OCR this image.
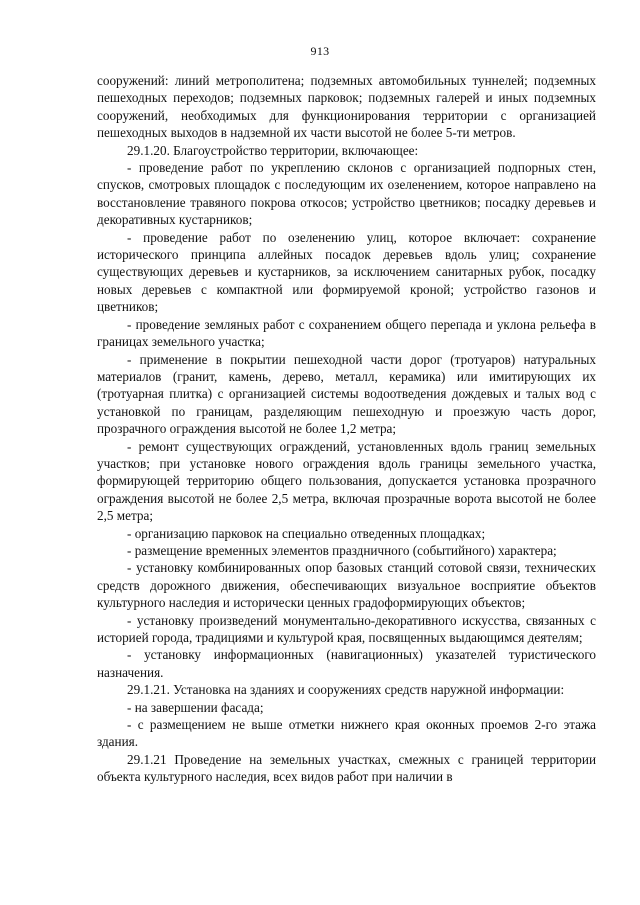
913

сооружений: линий метрополитена; подземных автомобильных туннелей; подземных пешеходных переходов; подземных парковок; подземных галерей и иных подземных сооружений, необходимых для функционирования территории с организацией пешеходных выходов в надземной их части высотой не более 5-ти метров.

29.1.20. Благоустройство территории, включающее:

- проведение работ по укреплению склонов с организацией подпорных стен, спусков, смотровых площадок с последующим их озеленением, которое направлено на восстановление травяного покрова откосов; устройство цветников; посадку деревьев и декоративных кустарников;

- проведение работ по озеленению улиц, которое включает: сохранение исторического принципа аллейных посадок деревьев вдоль улиц; сохранение существующих деревьев и кустарников, за исключением санитарных рубок, посадку новых деревьев с компактной или формируемой кроной; устройство газонов и цветников;

- проведение земляных работ с сохранением общего перепада и уклона рельефа в границах земельного участка;

- применение в покрытии пешеходной части дорог (тротуаров) натуральных материалов (гранит, камень, дерево, металл, керамика) или имитирующих их (тротуарная плитка) с организацией системы водоотведения дождевых и талых вод с установкой по границам, разделяющим пешеходную и проезжую часть дорог, прозрачного ограждения высотой не более 1,2 метра;

- ремонт существующих ограждений, установленных вдоль границ земельных участков; при установке нового ограждения вдоль границы земельного участка, формирующей территорию общего пользования, допускается установка прозрачного ограждения высотой не более 2,5 метра, включая прозрачные ворота высотой не более 2,5 метра;

- организацию парковок на специально отведенных площадках;

- размещение временных элементов праздничного (событийного) характера;

- установку комбинированных опор базовых станций сотовой связи, технических средств дорожного движения, обеспечивающих визуальное восприятие объектов культурного наследия и исторически ценных градоформирующих объектов;

- установку произведений монументально-декоративного искусства, связанных с историей города, традициями и культурой края, посвященных выдающимся деятелям;

- установку информационных (навигационных) указателей туристического назначения.

29.1.21. Установка на зданиях и сооружениях средств наружной информации:

- на завершении фасада;

- с размещением не выше отметки нижнего края оконных проемов 2-го этажа здания.

29.1.21 Проведение на земельных участках, смежных с границей территории объекта культурного наследия, всех видов работ при наличии в
